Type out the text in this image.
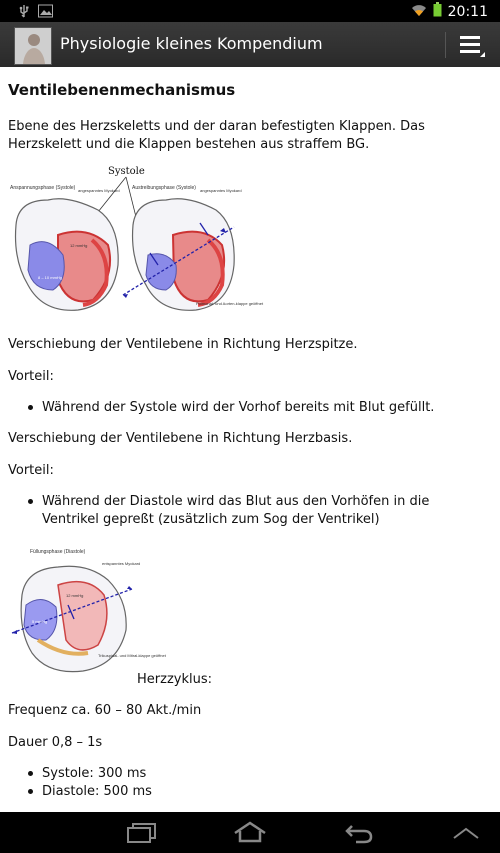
20:11
Physiologie kleines Kompendium
Ventilebenenmechanismus
Ebene des Herzskeletts und der daran befestigten Klappen. Das Herzskelett und die Klappen bestehen aus straffem BG.
Systole
Anspannungsphase (Systole)	Austreibungsphase (Systole)
12 mmHg
8 – 10 mmHg
angespanntes Myokard
angespanntes Myokard
Pulmonal- und Aorten-klappe geöffnet
Verschiebung der Ventilebene in Richtung Herzspitze.
Vorteil:
Während der Systole wird der Vorhof bereits mit Blut gefüllt.
Verschiebung der Ventilebene in Richtung Herzbasis.
Vorteil:
Während der Diastole wird das Blut aus den Vorhöfen in die Ventrikel gepreßt (zusätzlich zum Sog der Ventrikel)
Füllungsphase (Diastole)
12 mmHg
5 mmHg
entspanntes Myokard
Trikuspidal- und Mitral-klappe geöffnet
Herzzyklus:
Frequenz ca. 60 – 80 Akt./min
Dauer 0,8 – 1s
Systole: 300 ms
Diastole: 500 ms
